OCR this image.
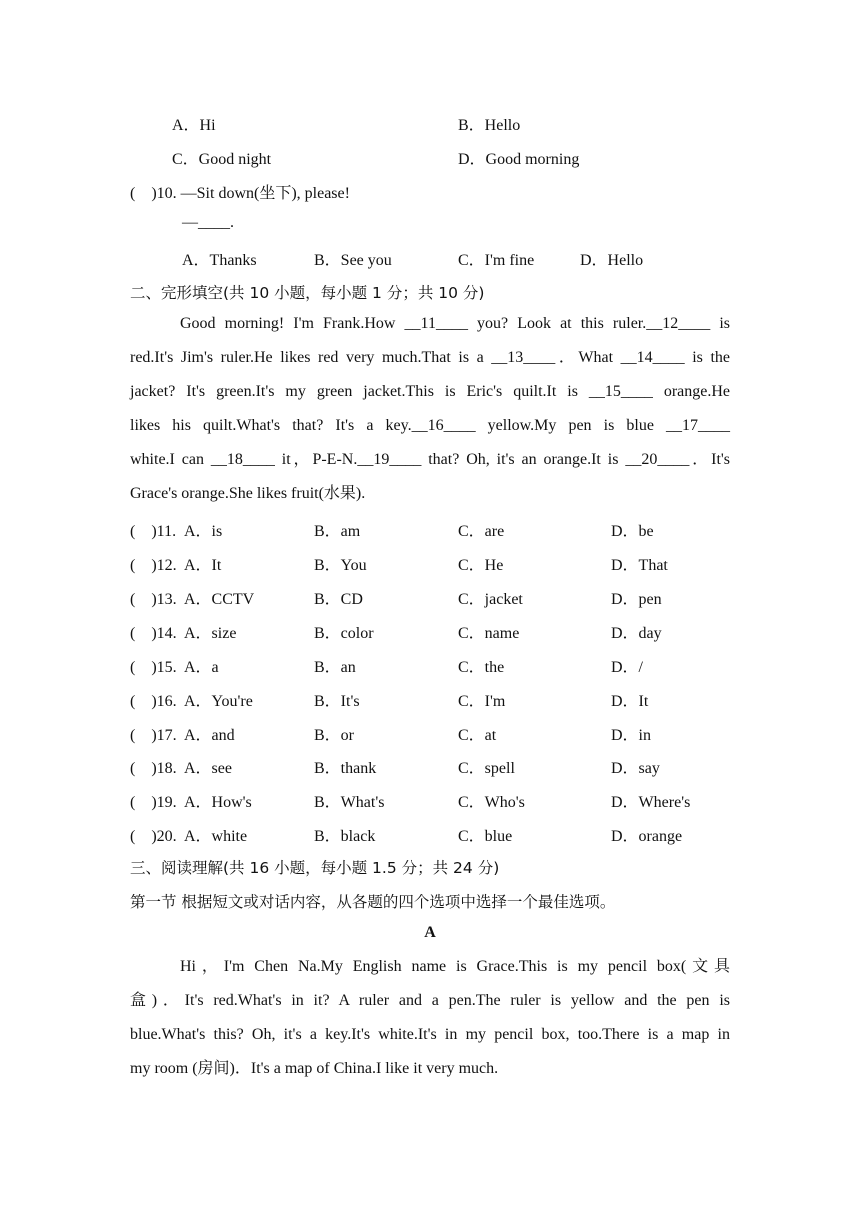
A．Hi	B．Hello
C．Good night	D．Good morning
(　)10. —Sit down(坐下), please!
—____.
A．Thanks	B．See you	C．I'm fine	D．Hello
二、完形填空(共 10 小题，每小题 1 分；共 10 分)
Good morning! I'm Frank.How __11____ you? Look at this ruler.__12____ is
red.It's Jim's ruler.He likes red very much.That is a __13____．What __14____ is the
jacket? It's green.It's my green jacket.This is Eric's quilt.It is __15____ orange.He
likes his quilt.What's that? It's a key.__16____ yellow.My pen is blue __17____
white.I can __18____ it，P-E-N.__19____ that? Oh, it's an orange.It is __20____．It's
Grace's orange.She likes fruit(水果).
(　)11. A．is	B．am	C．are	D．be
(　)12. A．It	B．You	C．He	D．That
(　)13. A．CCTV	B．CD	C．jacket	D．pen
(　)14. A．size	B．color	C．name	D．day
(　)15. A．a	B．an	C．the	D．/
(　)16. A．You're	B．It's	C．I'm	D．It
(　)17. A．and	B．or	C．at	D．in
(　)18. A．see	B．thank	C．spell	D．say
(　)19. A．How's	B．What's	C．Who's	D．Where's
(　)20. A．white	B．black	C．blue	D．orange
三、阅读理解(共 16 小题，每小题 1.5 分；共 24 分)
第一节 根据短文或对话内容，从各题的四个选项中选择一个最佳选项。
A
Hi，I'm Chen Na.My English name is Grace.This is my pencil box(文具
盒)．It's red.What's in it? A ruler and a pen.The ruler is yellow and the pen is
blue.What's this? Oh, it's a key.It's white.It's in my pencil box, too.There is a map in
my room (房间)．It's a map of China.I like it very much.
